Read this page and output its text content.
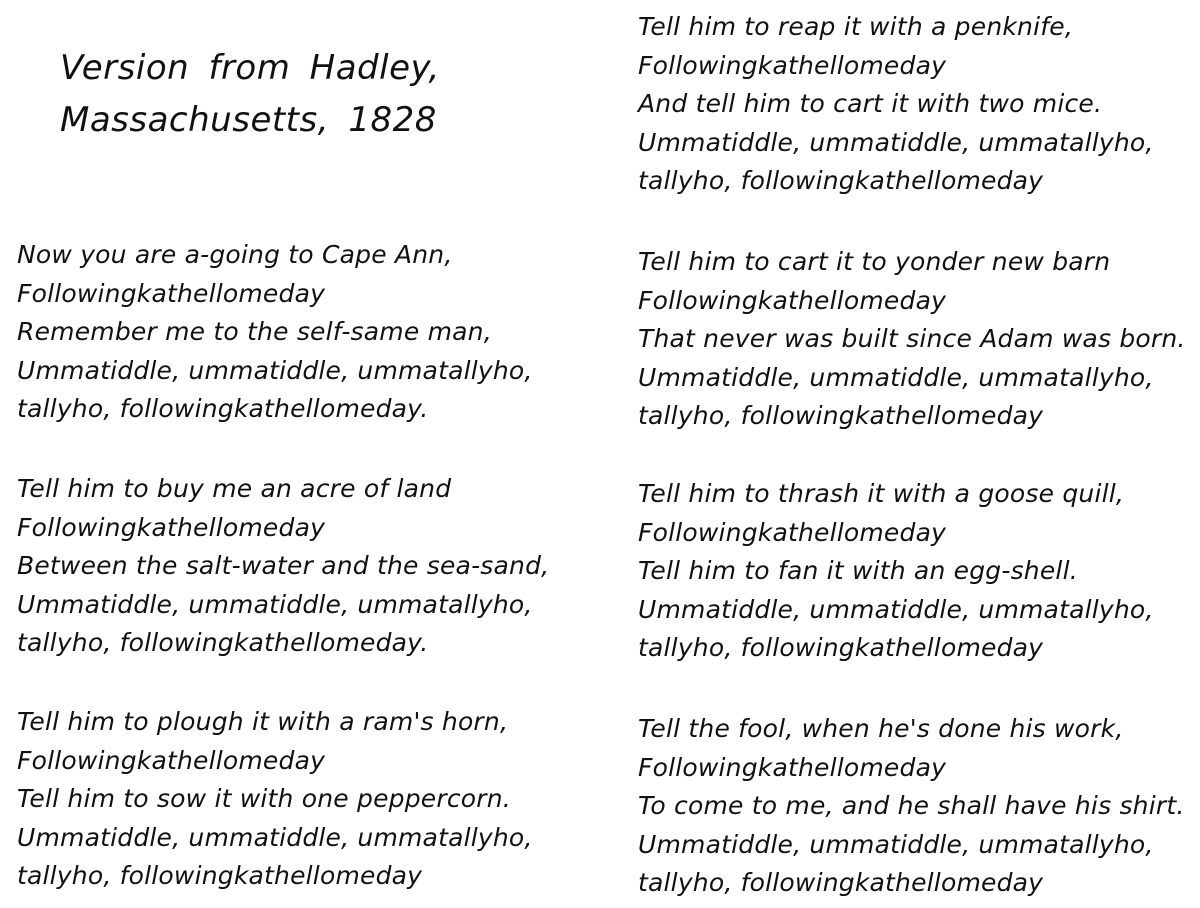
Version from Hadley,
Massachusetts, 1828

Now you are a-going to Cape Ann,
Followingkathellomeday
Remember me to the self-same man,
Ummatiddle, ummatiddle, ummatallyho,
tallyho, followingkathellomeday.

Tell him to buy me an acre of land
Followingkathellomeday
Between the salt-water and the sea-sand,
Ummatiddle, ummatiddle, ummatallyho,
tallyho, followingkathellomeday.

Tell him to plough it with a ram's horn,
Followingkathellomeday
Tell him to sow it with one peppercorn.
Ummatiddle, ummatiddle, ummatallyho,
tallyho, followingkathellomeday

Tell him to reap it with a penknife,
Followingkathellomeday
And tell him to cart it with two mice.
Ummatiddle, ummatiddle, ummatallyho,
tallyho, followingkathellomeday

Tell him to cart it to yonder new barn
Followingkathellomeday
That never was built since Adam was born.
Ummatiddle, ummatiddle, ummatallyho,
tallyho, followingkathellomeday

Tell him to thrash it with a goose quill,
Followingkathellomeday
Tell him to fan it with an egg-shell.
Ummatiddle, ummatiddle, ummatallyho,
tallyho, followingkathellomeday

Tell the fool, when he's done his work,
Followingkathellomeday
To come to me, and he shall have his shirt.
Ummatiddle, ummatiddle, ummatallyho,
tallyho, followingkathellomeday
